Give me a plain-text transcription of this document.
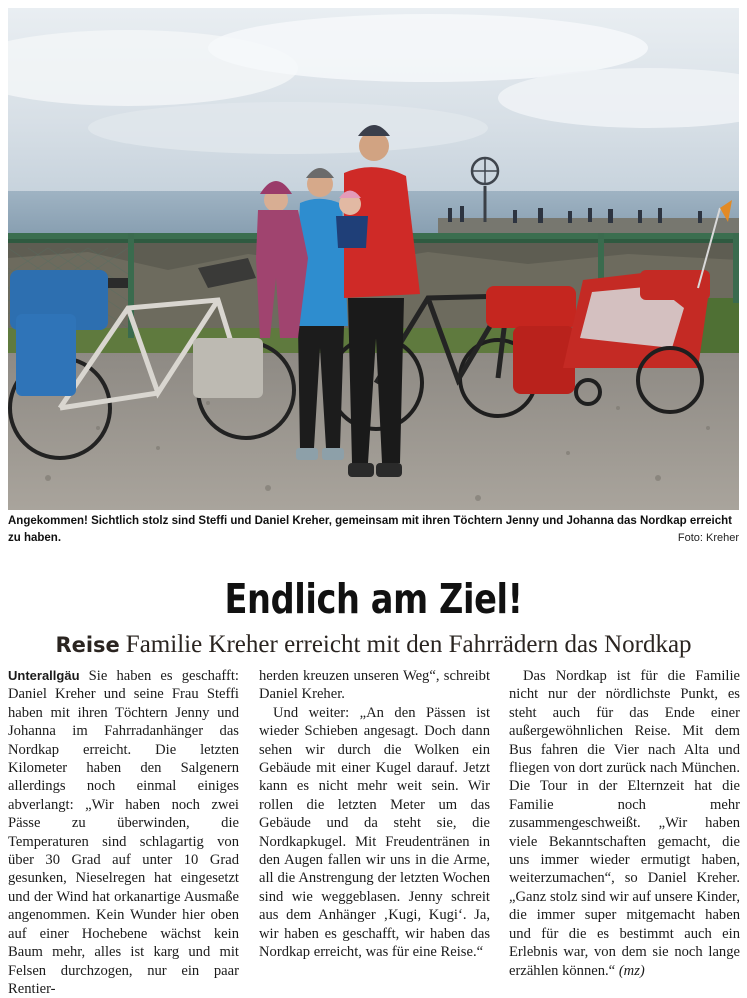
Angekommen! Sichtlich stolz sind Steffi und Daniel Kreher, gemeinsam mit ihren Töchtern Jenny und Johanna das Nordkap erreicht zu haben.	Foto: Kreher
Endlich am Ziel!
Reise Familie Kreher erreicht mit den Fahrrädern das Nordkap

Unterallgäu Sie haben es geschafft: Daniel Kreher und seine Frau Steffi haben mit ihren Töchtern Jenny und Johanna im Fahrradanhänger das Nordkap erreicht. Die letzten Kilometer haben den Salgenern allerdings noch einmal einiges abverlangt: „Wir haben noch zwei Pässe zu überwinden, die Temperaturen sind schlagartig von über 30 Grad auf unter 10 Grad gesunken, Nieselregen hat eingesetzt und der Wind hat orkanartige Ausmaße angenommen. Kein Wunder hier oben auf einer Hochebene wächst kein Baum mehr, alles ist karg und mit Felsen durchzogen, nur ein paar Rentier-

herden kreuzen unseren Weg“, schreibt Daniel Kreher.

Und weiter: „An den Pässen ist wieder Schieben angesagt. Doch dann sehen wir durch die Wolken ein Gebäude mit einer Kugel darauf. Jetzt kann es nicht mehr weit sein. Wir rollen die letzten Meter um das Gebäude und da steht sie, die Nordkapkugel. Mit Freudentränen in den Augen fallen wir uns in die Arme, all die Anstrengung der letzten Wochen sind wie weggeblasen. Jenny schreit aus dem Anhänger ‚Kugi, Kugi‘. Ja, wir haben es geschafft, wir haben das Nordkap erreicht, was für eine Reise.“

Das Nordkap ist für die Familie nicht nur der nördlichste Punkt, es steht auch für das Ende einer außergewöhnlichen Reise. Mit dem Bus fahren die Vier nach Alta und fliegen von dort zurück nach München. Die Tour in der Elternzeit hat die Familie noch mehr zusammengeschweißt. „Wir haben viele Bekanntschaften gemacht, die uns immer wieder ermutigt haben, weiterzumachen“, so Daniel Kreher. „Ganz stolz sind wir auf unsere Kinder, die immer super mitgemacht haben und für die es bestimmt auch ein Erlebnis war, von dem sie noch lange erzählen können.“ (mz)
